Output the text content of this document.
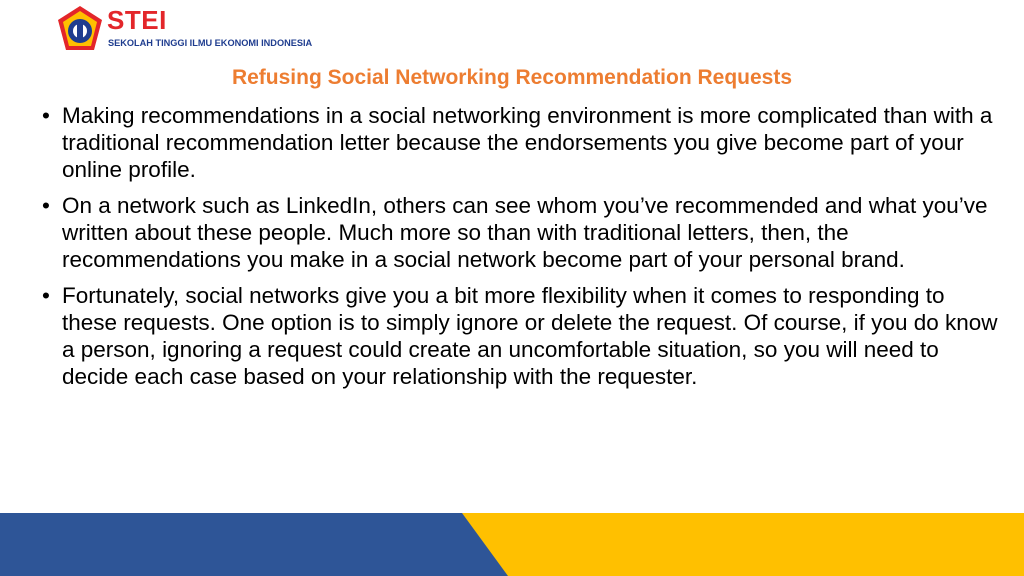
STEI
SEKOLAH TINGGI ILMU EKONOMI INDONESIA
Refusing Social Networking Recommendation Requests
• Making recommendations in a social networking environment is more complicated than with a traditional recommendation letter because the endorsements you give become part of your online profile.
• On a network such as LinkedIn, others can see whom you’ve recommended and what you’ve written about these people. Much more so than with traditional letters, then, the recommendations you make in a social network become part of your personal brand.
• Fortunately, social networks give you a bit more flexibility when it comes to responding to these requests. One option is to simply ignore or delete the request. Of course, if you do know a person, ignoring a request could create an uncomfortable situation, so you will need to decide each case based on your relationship with the requester.
